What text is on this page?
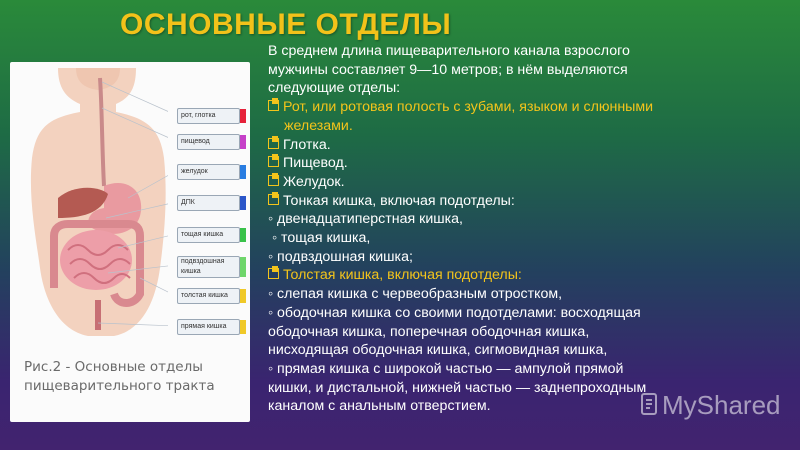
ОСНОВНЫЕ ОТДЕЛЫ
рот, глотка
пищевод
желудок
ДПК
тощая кишка
подвздошная кишка
толстая кишка
прямая кишка
Рис.2 - Основные отделы
пищеварительного тракта

В среднем длина пищеварительного канала взрослого

мужчины составляет 9—10 метров; в нём выделяются

следующие отделы:

Рот, или ротовая полость с зубами, языком и слюнными

железами.

Глотка.

Пищевод.

Желудок.

Тонкая кишка, включая подотделы:

◦ двенадцатиперстная кишка,

◦ тощая кишка,

◦ подвздошная кишка;

Толстая кишка, включая подотделы:

◦ слепая кишка с червеобразным отростком,

◦ ободочная кишка со своими подотделами: восходящая

ободочная кишка, поперечная ободочная кишка,

нисходящая ободочная кишка, сигмовидная кишка,

◦ прямая кишка с широкой частью — ампулой прямой

кишки, и дистальной, нижней частью — заднепроходным

каналом с анальным отверстием.	MyShared
